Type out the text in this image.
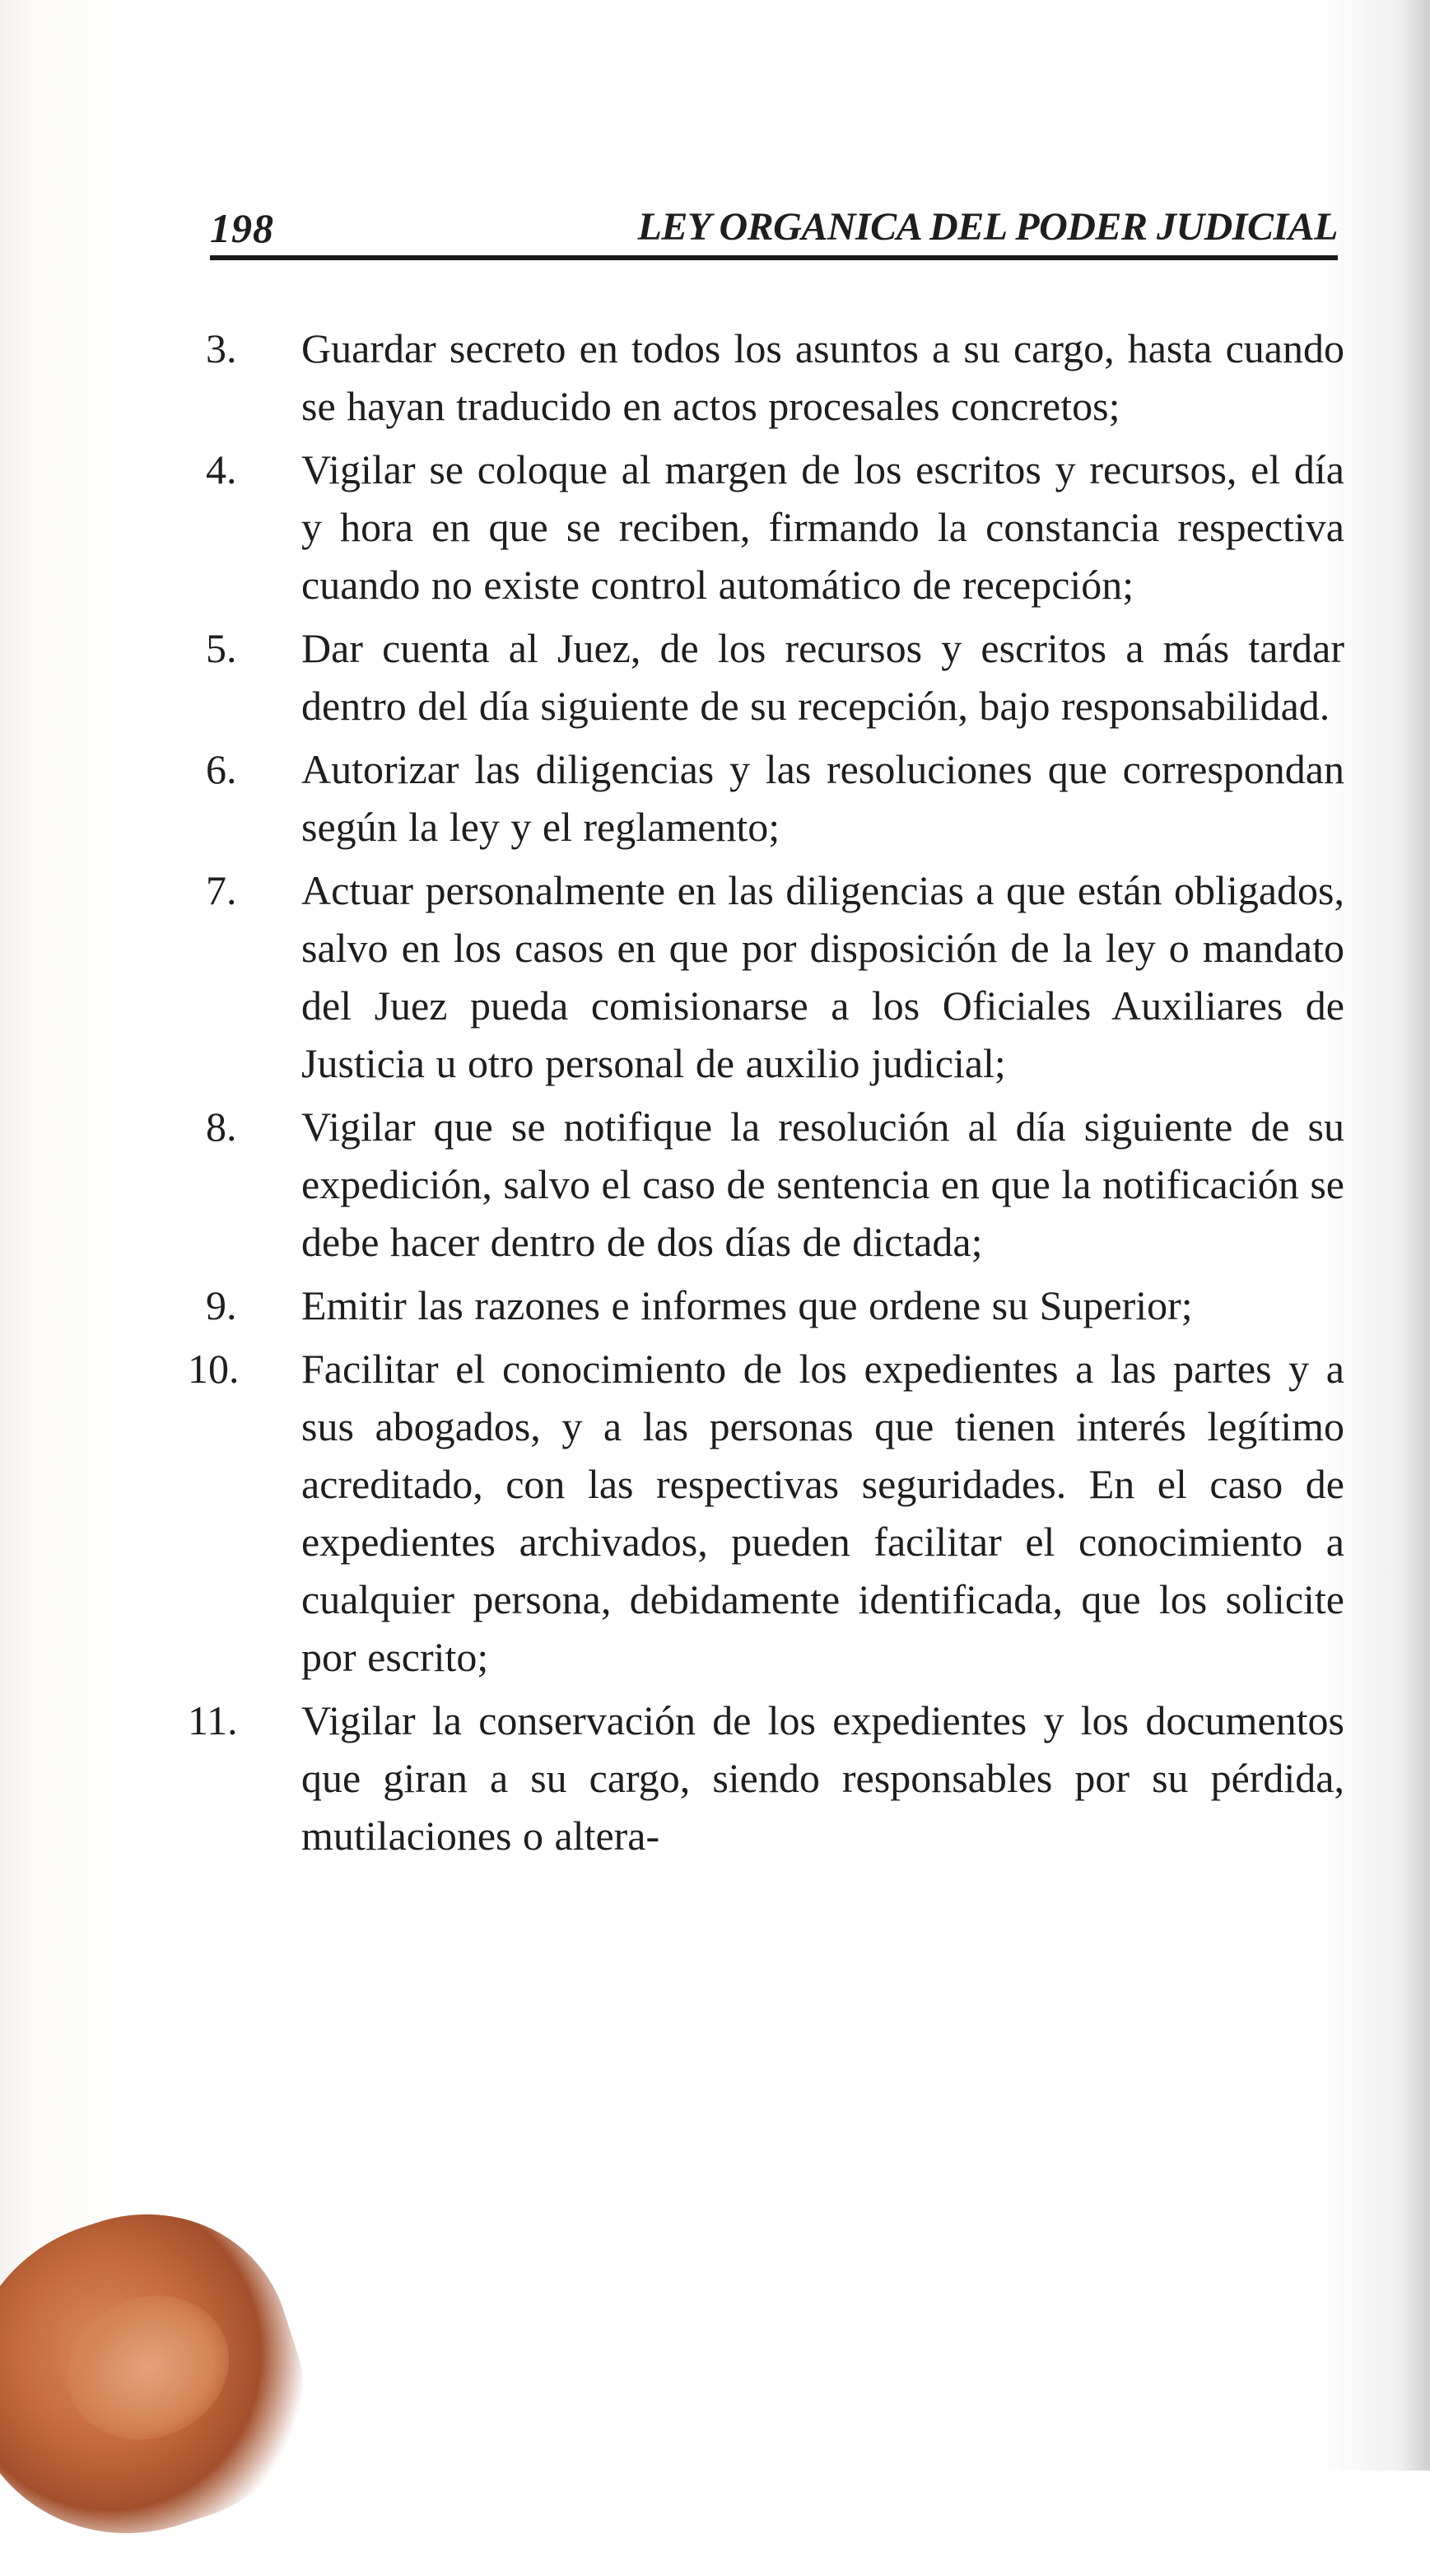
198	LEY ORGANICA DEL PODER JUDICIAL
3. Guardar secreto en todos los asuntos a su cargo, hasta cuando se hayan traducido en actos procesales concretos;
4. Vigilar se coloque al margen de los escritos y recursos, el día y hora en que se reciben, firmando la constancia respectiva cuando no existe control automático de recepción;
5. Dar cuenta al Juez, de los recursos y escritos a más tardar dentro del día siguiente de su recepción, bajo responsabilidad.
6. Autorizar las diligencias y las resoluciones que correspondan según la ley y el reglamento;
7. Actuar personalmente en las diligencias a que están obligados, salvo en los casos en que por disposición de la ley o mandato del Juez pueda comisionarse a los Oficiales Auxiliares de Justicia u otro personal de auxilio judicial;
8. Vigilar que se notifique la resolución al día siguiente de su expedición, salvo el caso de sentencia en que la notificación se debe hacer dentro de dos días de dictada;
9. Emitir las razones e informes que ordene su Superior;
10. Facilitar el conocimiento de los expedientes a las partes y a sus abogados, y a las personas que tienen interés legítimo acreditado, con las respectivas seguridades. En el caso de expedientes archivados, pueden facilitar el conocimiento a cualquier persona, debidamente identificada, que los solicite por escrito;
11. Vigilar la conservación de los expedientes y los documentos que giran a su cargo, siendo responsables por su pérdida, mutilaciones o altera-
